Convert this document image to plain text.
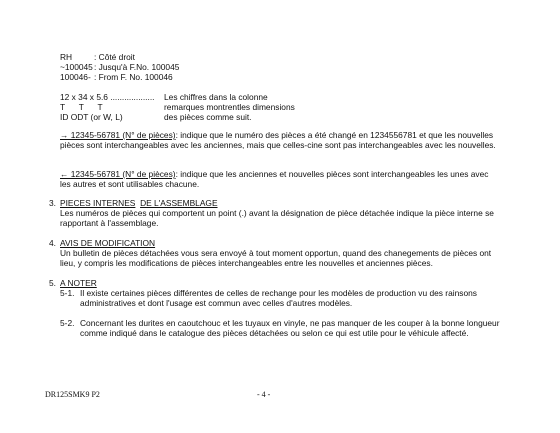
RH	: Côté droit
~100045 : Jusqu'à F.No. 100045
100046- : From F. No. 100046
12 x 34 x 5.6 ................... Les chiffres dans la colonne
T      T      T	remarques montrentles dimensions
ID ODT (or W, L)	des pièces comme suit.
→ 12345-56781 (N° de pièces): indique que le numéro des pièces a été changé en 1234556781 et que les nouvelles pièces sont interchangeables avec les anciennes, mais que celles-cine sont pas interchangeables avec les nouvelles.
← 12345-56781 (N° de pièces): indique que les anciennes et nouvelles pièces sont interchangeables les unes avec les autres et sont utilisables chacune.
3. PIECES INTERNES DE L'ASSEMBLAGE
Les numéros de pièces qui comportent un point (.) avant la désignation de pièce détachée indique la pièce interne se rapportant à l'assemblage.
4. AVIS DE MODIFICATION
Un bulletin de pièces détachées vous sera envoyé à tout moment opportun, quand des chanegements de pièces ont lieu, y compris les modifications de pièces interchangeables entre les nouvelles et anciennes pièces.
5. A NOTER
5-1. Il existe certaines pièces différentes de celles de rechange pour les modèles de production vu des rainsons administratives et dont l'usage est commun avec celles d'autres modèles.
5-2. Concernant les durites en caoutchouc et les tuyaux en vinyle, ne pas manquer de les couper à la bonne longueur comme indiqué dans le catalogue des pièces détachées ou selon ce qui est utile pour le véhicule affecté.
DR125SMK9 P2	- 4 -
